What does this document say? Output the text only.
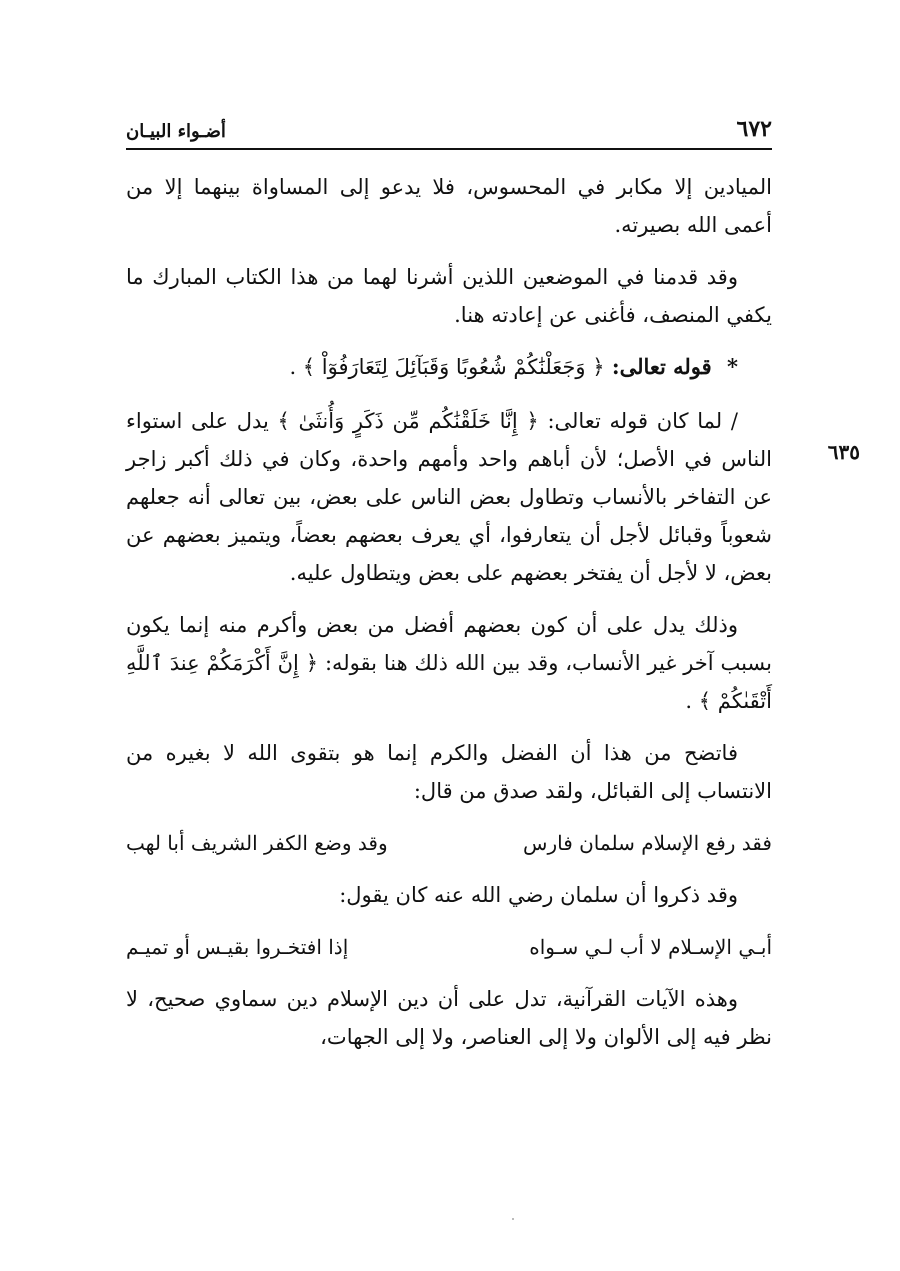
٦٧٢
أضـواء البيـان
٦٣٥

الميادين إلا مكابر في المحسوس، فلا يدعو إلى المساواة بينهما إلا من أعمى الله بصيرته.

وقد قدمنا في الموضعين اللذين أشرنا لهما من هذا الكتاب المبارك ما يكفي المنصف، فأغنى عن إعادته هنا.

* قوله تعالى: ﴿ وَجَعَلْنَٰكُمْ شُعُوبًا وَقَبَآئِلَ لِتَعَارَفُوٓاْ ﴾ .

/ لما كان قوله تعالى: ﴿ إِنَّا خَلَقْنَٰكُم مِّن ذَكَرٍ وَأُنثَىٰ ﴾ يدل على استواء الناس في الأصل؛ لأن أباهم واحد وأمهم واحدة، وكان في ذلك أكبر زاجر عن التفاخر بالأنساب وتطاول بعض الناس على بعض، بين تعالى أنه جعلهم شعوباً وقبائل لأجل أن يتعارفوا، أي يعرف بعضهم بعضاً، ويتميز بعضهم عن بعض، لا لأجل أن يفتخر بعضهم على بعض ويتطاول عليه.

وذلك يدل على أن كون بعضهم أفضل من بعض وأكرم منه إنما يكون بسبب آخر غير الأنساب، وقد بين الله ذلك هنا بقوله: ﴿ إِنَّ أَكْرَمَكُمْ عِندَ ٱللَّهِ أَتْقَىٰكُمْ ﴾ .

فاتضح من هذا أن الفضل والكرم إنما هو بتقوى الله لا بغيره من الانتساب إلى القبائل، ولقد صدق من قال:

فقد رفع الإسلام سلمان فارس
وقد وضع الكفر الشريف أبا لهب

وقد ذكروا أن سلمان رضي الله عنه كان يقول:

أبـي الإسـلام لا أب لـي سـواه
إذا افتخـروا بقيـس أو تميـم

وهذه الآيات القرآنية، تدل على أن دين الإسلام دين سماوي صحيح، لا نظر فيه إلى الألوان ولا إلى العناصر، ولا إلى الجهات،
